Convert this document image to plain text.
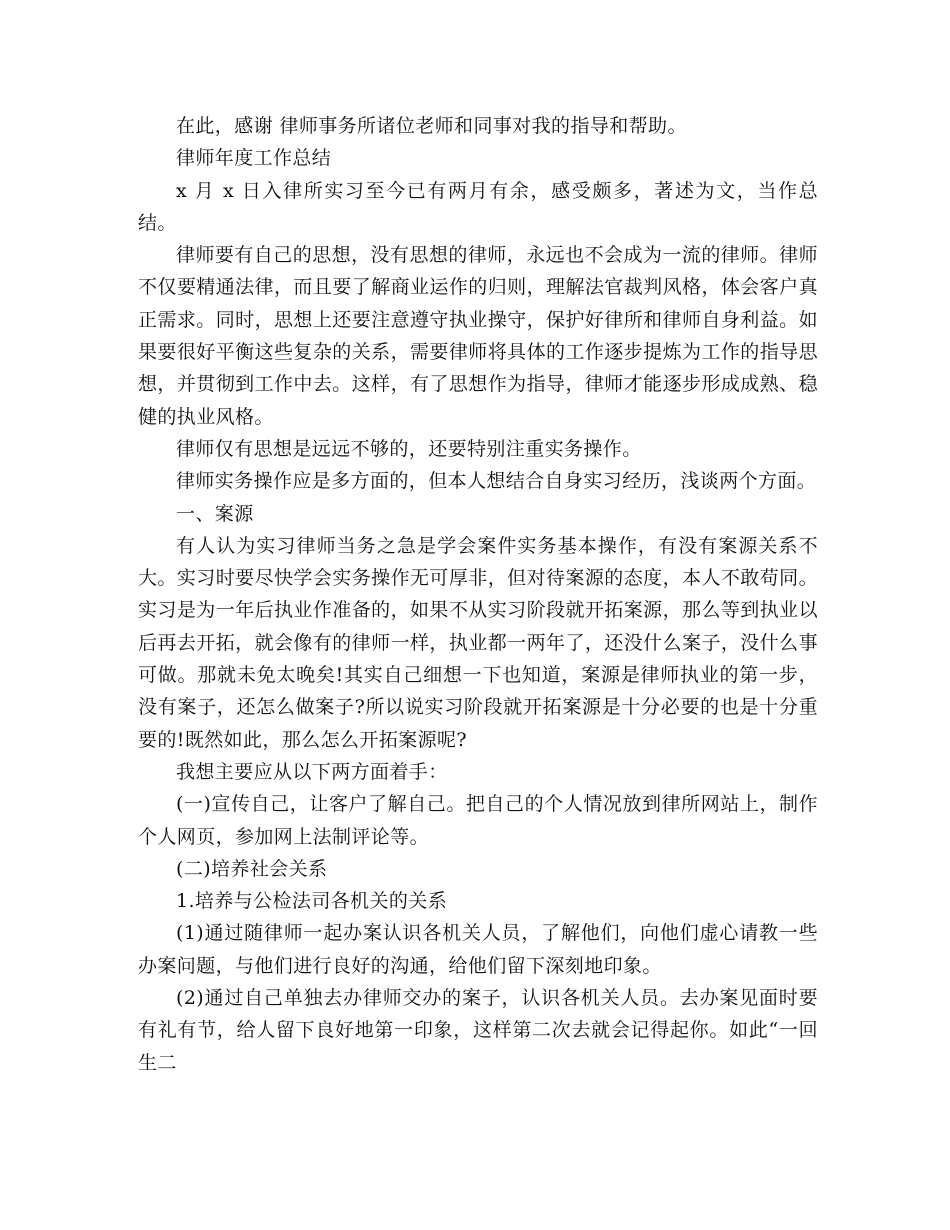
在此，感谢 律师事务所诸位老师和同事对我的指导和帮助。

律师年度工作总结

x 月 x 日入律所实习至今已有两月有余，感受颇多，著述为文，当作总结。

律师要有自己的思想，没有思想的律师，永远也不会成为一流的律师。律师不仅要精通法律，而且要了解商业运作的归则，理解法官裁判风格，体会客户真正需求。同时，思想上还要注意遵守执业操守，保护好律所和律师自身利益。如果要很好平衡这些复杂的关系，需要律师将具体的工作逐步提炼为工作的指导思想，并贯彻到工作中去。这样，有了思想作为指导，律师才能逐步形成成熟、稳健的执业风格。

律师仅有思想是远远不够的，还要特别注重实务操作。

律师实务操作应是多方面的，但本人想结合自身实习经历，浅谈两个方面。

一、案源

有人认为实习律师当务之急是学会案件实务基本操作，有没有案源关系不大。实习时要尽快学会实务操作无可厚非，但对待案源的态度，本人不敢苟同。实习是为一年后执业作准备的，如果不从实习阶段就开拓案源，那么等到执业以后再去开拓，就会像有的律师一样，执业都一两年了，还没什么案子，没什么事可做。那就未免太晚矣!其实自己细想一下也知道，案源是律师执业的第一步，没有案子，还怎么做案子?所以说实习阶段就开拓案源是十分必要的也是十分重要的!既然如此，那么怎么开拓案源呢?

我想主要应从以下两方面着手：

(一)宣传自己，让客户了解自己。把自己的个人情况放到律所网站上，制作个人网页，参加网上法制评论等。

(二)培养社会关系

1.培养与公检法司各机关的关系

(1)通过随律师一起办案认识各机关人员，了解他们，向他们虚心请教一些办案问题，与他们进行良好的沟通，给他们留下深刻地印象。

(2)通过自己单独去办律师交办的案子，认识各机关人员。去办案见面时要有礼有节，给人留下良好地第一印象，这样第二次去就会记得起你。如此“一回生二
